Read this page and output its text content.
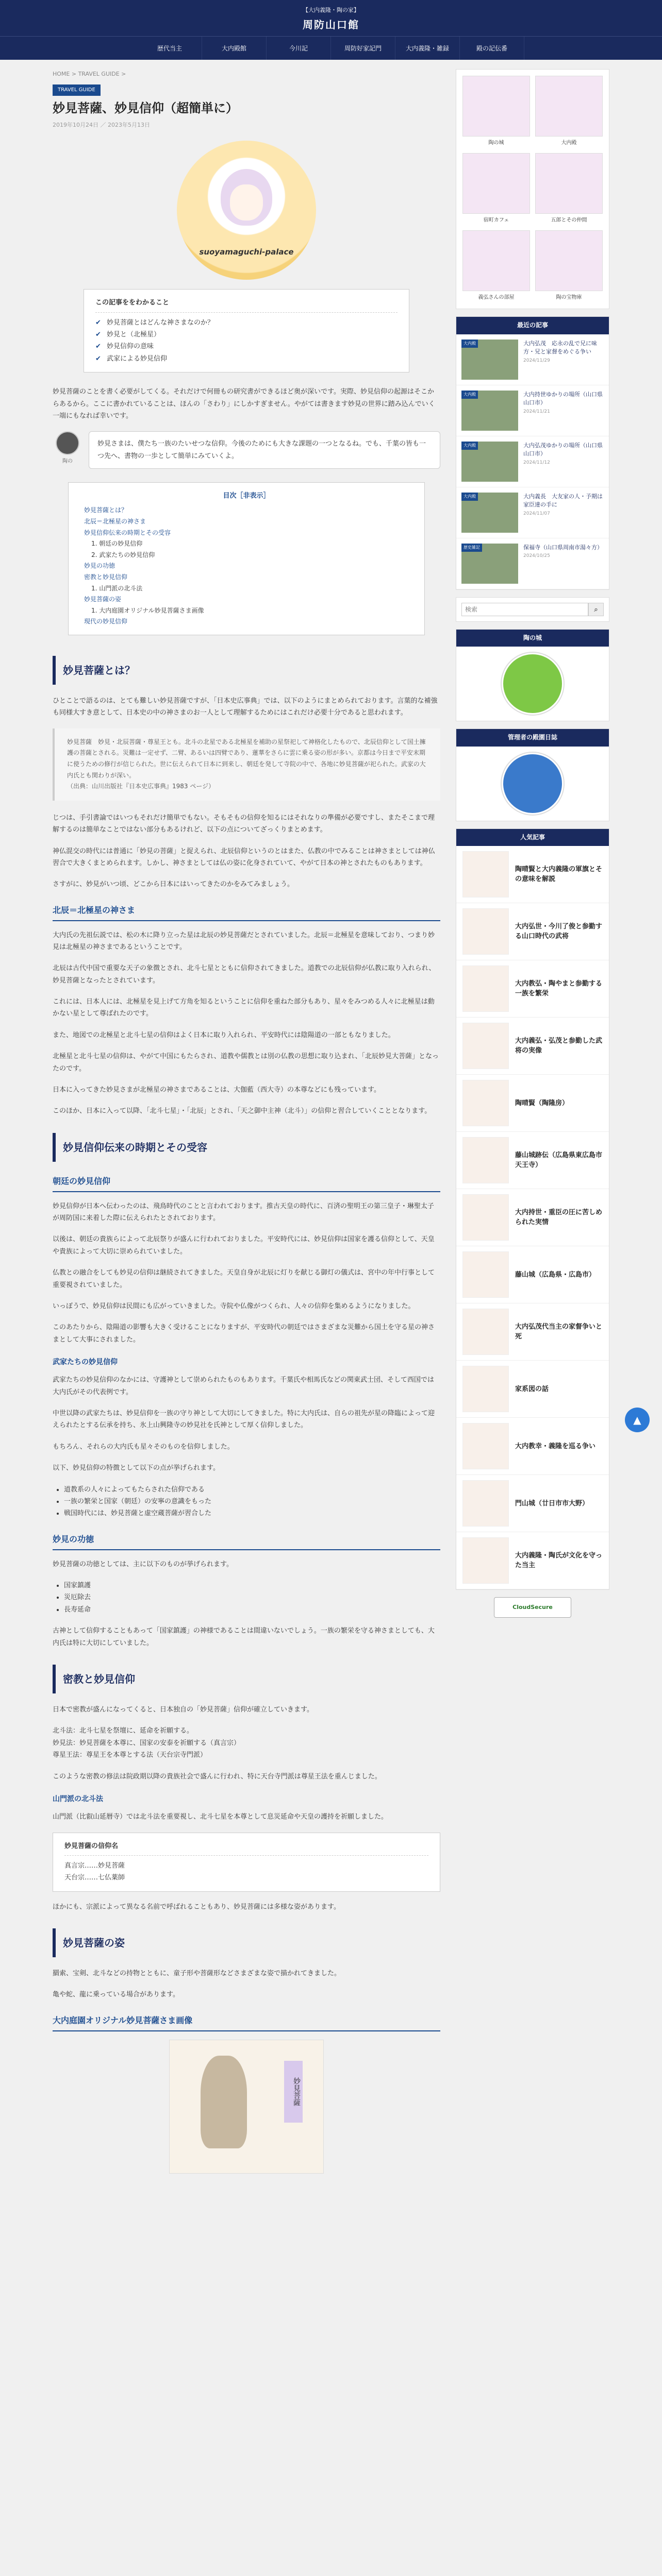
【大内義隆・陶の家】
周防山口館
歴代当主	大内殿館	今川記	周防好家記門	大内義隆・雑録	殿の記伝番
HOME > TRAVEL GUIDE >
TRAVEL GUIDE
妙見菩薩、妙見信仰（超簡単に）
2019年10月24日 ／ 2023年5月13日
suoyamaguchi-palace
この記事ををわかること
✔ 妙見菩薩とはどんな神さまなのか？
✔ 妙見と（北極星）
✔ 妙見信仰の意味
✔ 武家による妙見信仰

妙見菩薩のことを書く必要がしてくる。それだけで何冊もの研究書ができるほど奥が深いです。実際、妙見信仰の起源はそこからあるから。ここに書かれていることは、ほんの「さわり」にしかすぎません。やがては書きます妙見の世界に踏み込んでいく一端にもなれば幸いです。

陶の
妙見さまは、僕たち一族のたいせつな信仰。今後のためにも大きな課題の一つとなるね。でも、千葉の皆も一つ先へ、書物の一歩として簡単にみていくよ。
目次［非表示］
妙見菩薩とは？
北辰＝北極星の神さま
妙見信仰伝来の時期とその受容
1. 朝廷の妙見信仰
2. 武家たちの妙見信仰
妙見の功徳
密教と妙見信仰
1. 山門派の北斗法
妙見菩薩の姿
1. 大内庭園オリジナル妙見菩薩さま画像
現代の妙見信仰
妙見菩薩とは？

ひとことで語るのは、とても難しい妙見菩薩ですが、「日本史広事典」では、以下のようにまとめられております。言葉的な補強も同様大すき意として、日本史の中の神さまのお一人として理解するためにはこれだけ必要十分であると思われます。

妙見菩薩　妙見・北辰菩薩・尊星王とも。北斗の北星である北極星を補助の星祭祀して神格化したもので、北辰信仰として国土擁護の菩薩とされる。災難は一定せず、二臂、あるいは四臂であり、蓮華をさらに雲に乗る姿の形が多い。京都は今日まで平安末期に使うための修行が信じられた。世に伝えられて日本に到来し、朝廷を発して寺院の中で、各地に妙見菩薩が祀られた。武家の大内氏とも関わりが深い。
（出典：山川出版社『日本史広事典』1983 ページ）

じつは、手引書論ではいつもそれだけ簡単でもない。そもそもの信仰を知るにはそれなりの準備が必要ですし、またそこまで理解するのは簡単なことではない部分もあるけれど、以下の点についてざっくりまとめます。

神仏混交の時代には普通に「妙見の菩薩」と捉えられ、北辰信仰というのとはまた、仏教の中でみることは神さまとしては神仏習合で大きくまとめられます。しかし、神さまとしては仏の姿に化身されていて、やがて日本の神とされたものもあります。

さすがに、妙見がいつ頃、どこから日本にはいってきたのかをみてみましょう。

北辰＝北極星の神さま

大内氏の先祖伝説では、松の木に降り立った星は北辰の妙見菩薩だとされていました。北辰＝北極星を意味しており、つまり妙見は北極星の神さまであるということです。

北辰は古代中国で重要な天子の象徴とされ、北斗七星とともに信仰されてきました。道教での北辰信仰が仏教に取り入れられ、妙見菩薩となったとされています。

これには、日本人には、北極星を見上げて方角を知るということに信仰を重ねた部分もあり、星々をみつめる人々に北極星は動かない星として尊ばれたのです。

また、地図での北極星と北斗七星の信仰はよく日本に取り入れられ、平安時代には陰陽道の一部ともなりました。

北極星と北斗七星の信仰は、やがて中国にもたらされ、道教や儒教とは別の仏教の思想に取り込まれ、「北辰妙見大菩薩」となったのです。

日本に入ってきた妙見さまが北極星の神さまであることは、大伽藍（西大寺）の本尊などにも残っています。

このほか、日本に入って以降、「北斗七星」・「北辰」とされ、「天之御中主神（北斗）」の信仰と習合していくこととなります。

妙見信仰伝来の時期とその受容
朝廷の妙見信仰

妙見信仰が日本へ伝わったのは、飛鳥時代のことと言われております。推古天皇の時代に、百済の聖明王の第三皇子・琳聖太子が周防国に来着した際に伝えられたとされております。

以後は、朝廷の貴族らによって北辰祭りが盛んに行われておりました。平安時代には、妙見信仰は国家を護る信仰として、天皇や貴族によって大切に崇められていました。

仏教との融合をしても妙見の信仰は継続されてきました。天皇自身が北辰に灯りを献じる御灯の儀式は、宮中の年中行事として重要視されていました。

いっぽうで、妙見信仰は民間にも広がっていきました。寺院や仏像がつくられ、人々の信仰を集めるようになりました。

このあたりから、陰陽道の影響も大きく受けることになりますが、平安時代の朝廷ではさまざまな災難から国土を守る星の神さまとして大事にされました。

武家たちの妙見信仰

武家たちの妙見信仰のなかには、守護神として崇められたものもあります。千葉氏や相馬氏などの関東武士団、そして西国では大内氏がその代表例です。

中世以降の武家たちは、妙見信仰を一族の守り神として大切にしてきました。特に大内氏は、自らの祖先が星の降臨によって迎えられたとする伝承を持ち、氷上山興隆寺の妙見社を氏神として厚く信仰しました。

もちろん、それらの大内氏も星々そのものを信仰しました。

以下、妙見信仰の特徴として以下の点が挙げられます。

• 道教系の人々によってもたらされた信仰である
• 一族の繁栄と国家（朝廷）の安寧の意識をもった
• 戦国時代には、妙見菩薩と虚空蔵菩薩が習合した
妙見の功徳

妙見菩薩の功徳としては、主に以下のものが挙げられます。

• 国家鎮護
• 災厄除去
• 長寿延命

古神として信仰することもあって「国家鎮護」の神様であることは間違いないでしょう。一族の繁栄を守る神さまとしても、大内氏は特に大切にしていました。

密教と妙見信仰

日本で密教が盛んになってくると、日本独自の「妙見菩薩」信仰が確立していきます。

北斗法：北斗七星を祭壇に、延命を祈願する。
妙見法：妙見菩薩を本尊に、国家の安泰を祈願する（真言宗）
尊星王法：尊星王を本尊とする法（天台宗寺門派）

このような密教の修法は院政期以降の貴族社会で盛んに行われ、特に天台寺門派は尊星王法を重んじました。

山門派の北斗法

山門派（比叡山延暦寺）では北斗法を重要視し、北斗七星を本尊として息災延命や天皇の護持を祈願しました。

妙見菩薩の信仰名
真言宗……妙見菩薩
天台宗……七仏薬師

ほかにも、宗派によって異なる名前で呼ばれることもあり、妙見菩薩には多様な姿があります。

妙見菩薩の姿

羂索、宝剣、北斗などの持物とともに、童子形や菩薩形などさまざまな姿で描かれてきました。

亀や蛇、龍に乗っている場合があります。

大内庭園オリジナル妙見菩薩さま画像
妙見菩薩
陶の城	大内殿
宿町カフェ	五郎とその仲間
義弘さんの部屋	陶の宝物庫
最近の記事
大内殿	大内弘茂　応永の乱で兄に味方・兄と家督をめぐる争い
2024/11/29
大内殿	大内持世ゆかりの場所（山口県山口市）
2024/11/21
大内殿	大内弘茂ゆかりの場所（山口県山口市）
2024/11/12
大内殿	大内義長　大友家の人・予期は家臣達の手に
2024/11/07
歴史雑記	保福寺（山口県周南市湯々方）
2024/10/25
検索
⌕
陶の城
管理者の殿園日誌
人気記事
陶晴賢と大内義隆の軍旗とその意味を解説
大内弘世・今川了俊と参勤する山口時代の武将
大内教弘・陶やまと参勤する一族を繁栄
大内義弘・弘茂と参勤した武将の実像
陶晴賢（陶隆房）
藤山城跡伝（広島県東広島市天王寺）
大内持世・重臣の圧に苦しめられた実情
藤山城（広島県・広島市）
大内弘茂代当主の家督争いと死
家系図の話
大内教幸・義隆を巡る争い
門山城（廿日市市大野）
大内義隆・陶氏が文化を守った当主
CloudSecure
▲
